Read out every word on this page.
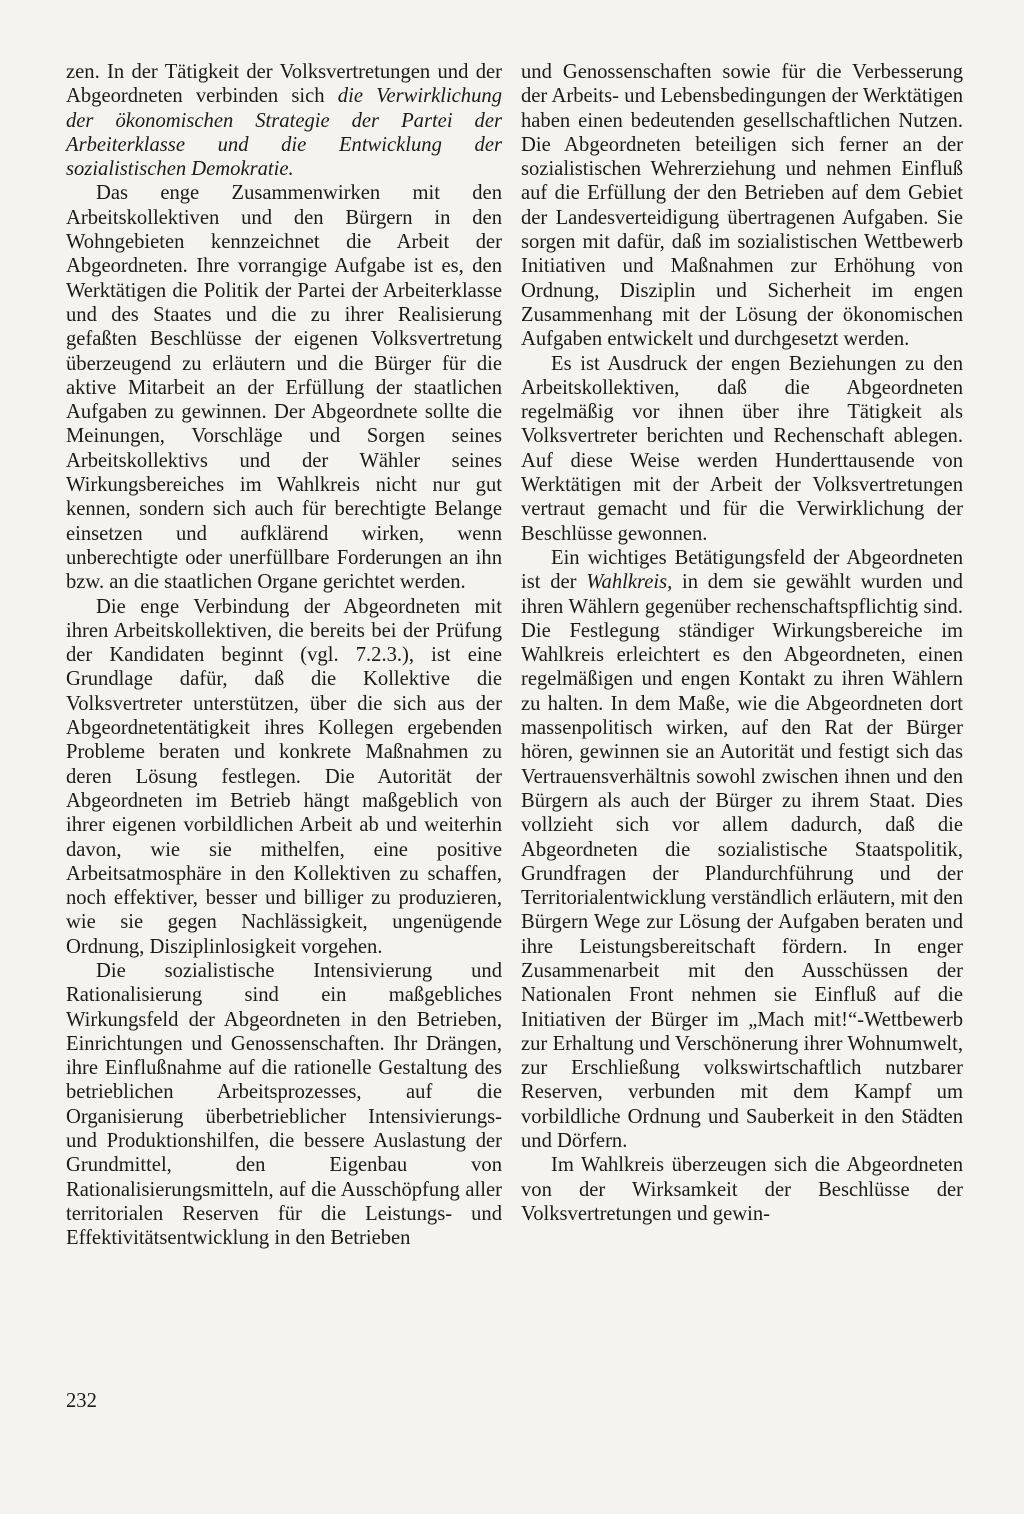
zen. In der Tätigkeit der Volksvertretungen und der Abgeordneten verbinden sich die Verwirklichung der ökonomischen Strategie der Partei der Arbeiterklasse und die Entwicklung der sozialistischen Demokratie.

Das enge Zusammenwirken mit den Arbeitskollektiven und den Bürgern in den Wohngebieten kennzeichnet die Arbeit der Abgeordneten. Ihre vorrangige Aufgabe ist es, den Werktätigen die Politik der Partei der Arbeiterklasse und des Staates und die zu ihrer Realisierung gefaßten Beschlüsse der eigenen Volksvertretung überzeugend zu erläutern und die Bürger für die aktive Mitarbeit an der Erfüllung der staatlichen Aufgaben zu gewinnen. Der Abgeordnete sollte die Meinungen, Vorschläge und Sorgen seines Arbeitskollektivs und der Wähler seines Wirkungsbereiches im Wahlkreis nicht nur gut kennen, sondern sich auch für berechtigte Belange einsetzen und aufklärend wirken, wenn unberechtigte oder unerfüllbare Forderungen an ihn bzw. an die staatlichen Organe gerichtet werden.

Die enge Verbindung der Abgeordneten mit ihren Arbeitskollektiven, die bereits bei der Prüfung der Kandidaten beginnt (vgl. 7.2.3.), ist eine Grundlage dafür, daß die Kollektive die Volksvertreter unterstützen, über die sich aus der Abgeordnetentätigkeit ihres Kollegen ergebenden Probleme beraten und konkrete Maßnahmen zu deren Lösung festlegen. Die Autorität der Abgeordneten im Betrieb hängt maßgeblich von ihrer eigenen vorbildlichen Arbeit ab und weiterhin davon, wie sie mithelfen, eine positive Arbeitsatmosphäre in den Kollektiven zu schaffen, noch effektiver, besser und billiger zu produzieren, wie sie gegen Nachlässigkeit, ungenügende Ordnung, Disziplinlosigkeit vorgehen.

Die sozialistische Intensivierung und Rationalisierung sind ein maßgebliches Wirkungsfeld der Abgeordneten in den Betrieben, Einrichtungen und Genossenschaften. Ihr Drängen, ihre Einflußnahme auf die rationelle Gestaltung des betrieblichen Arbeitsprozesses, auf die Organisierung überbetrieblicher Intensivierungs- und Produktionshilfen, die bessere Auslastung der Grundmittel, den Eigenbau von Rationalisierungsmitteln, auf die Ausschöpfung aller territorialen Reserven für die Leistungs- und Effektivitätsentwicklung in den Betrieben

und Genossenschaften sowie für die Verbesserung der Arbeits- und Lebensbedingungen der Werktätigen haben einen bedeutenden gesellschaftlichen Nutzen. Die Abgeordneten beteiligen sich ferner an der sozialistischen Wehrerziehung und nehmen Einfluß auf die Erfüllung der den Betrieben auf dem Gebiet der Landesverteidigung übertragenen Aufgaben. Sie sorgen mit dafür, daß im sozialistischen Wettbewerb Initiativen und Maßnahmen zur Erhöhung von Ordnung, Disziplin und Sicherheit im engen Zusammenhang mit der Lösung der ökonomischen Aufgaben entwickelt und durchgesetzt werden.

Es ist Ausdruck der engen Beziehungen zu den Arbeitskollektiven, daß die Abgeordneten regelmäßig vor ihnen über ihre Tätigkeit als Volksvertreter berichten und Rechenschaft ablegen. Auf diese Weise werden Hunderttausende von Werktätigen mit der Arbeit der Volksvertretungen vertraut gemacht und für die Verwirklichung der Beschlüsse gewonnen.

Ein wichtiges Betätigungsfeld der Abgeordneten ist der Wahlkreis, in dem sie gewählt wurden und ihren Wählern gegenüber rechenschaftspflichtig sind. Die Festlegung ständiger Wirkungsbereiche im Wahlkreis erleichtert es den Abgeordneten, einen regelmäßigen und engen Kontakt zu ihren Wählern zu halten. In dem Maße, wie die Abgeordneten dort massenpolitisch wirken, auf den Rat der Bürger hören, gewinnen sie an Autorität und festigt sich das Vertrauensverhältnis sowohl zwischen ihnen und den Bürgern als auch der Bürger zu ihrem Staat. Dies vollzieht sich vor allem dadurch, daß die Abgeordneten die sozialistische Staatspolitik, Grundfragen der Plandurchführung und der Territorialentwicklung verständlich erläutern, mit den Bürgern Wege zur Lösung der Aufgaben beraten und ihre Leistungsbereitschaft fördern. In enger Zusammenarbeit mit den Ausschüssen der Nationalen Front nehmen sie Einfluß auf die Initiativen der Bürger im „Mach mit!“-Wettbewerb zur Erhaltung und Verschönerung ihrer Wohnumwelt, zur Erschließung volkswirtschaftlich nutzbarer Reserven, verbunden mit dem Kampf um vorbildliche Ordnung und Sauberkeit in den Städten und Dörfern.

Im Wahlkreis überzeugen sich die Abgeordneten von der Wirksamkeit der Beschlüsse der Volksvertretungen und gewin-

232
